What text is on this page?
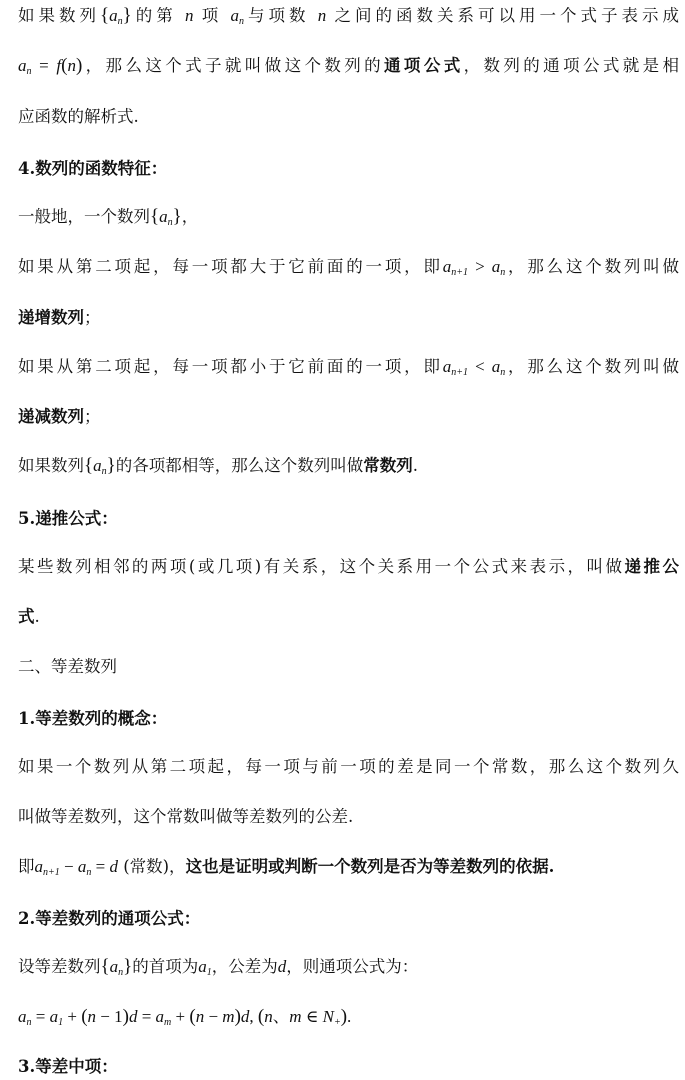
如果数列$\{a_n\}$的第 n 项 $a_n$与项数 n 之间的函数关系可以用一个式子表示成
$a_n = f(n)$，那么这个式子就叫做这个数列的通项公式，数列的通项公式就是相
应函数的解析式.
4.数列的函数特征：
一般地，一个数列$\{a_n\}$，
如果从第二项起，每一项都大于它前面的一项，即$a_{n+1} > a_n$，那么这个数列叫做
递增数列；
如果从第二项起，每一项都小于它前面的一项，即$a_{n+1} < a_n$，那么这个数列叫做
递减数列；
如果数列$\{a_n\}$的各项都相等，那么这个数列叫做常数列.
5.递推公式：
某些数列相邻的两项(或几项)有关系，这个关系用一个公式来表示，叫做递推公
式.
二、等差数列
1.等差数列的概念：
如果一个数列从第二项起，每一项与前一项的差是同一个常数，那么这个数列久
叫做等差数列，这个常数叫做等差数列的公差.
即$a_{n+1} - a_n = d$ (常数)，这也是证明或判断一个数列是否为等差数列的依据.
2.等差数列的通项公式：
设等差数列$\{a_n\}$的首项为$a_1$，公差为d，则通项公式为：
$a_n = a_1 + (n - 1)d = a_m + (n - m)d$, (n、m ∈ $N_+$).
3.等差中项：
